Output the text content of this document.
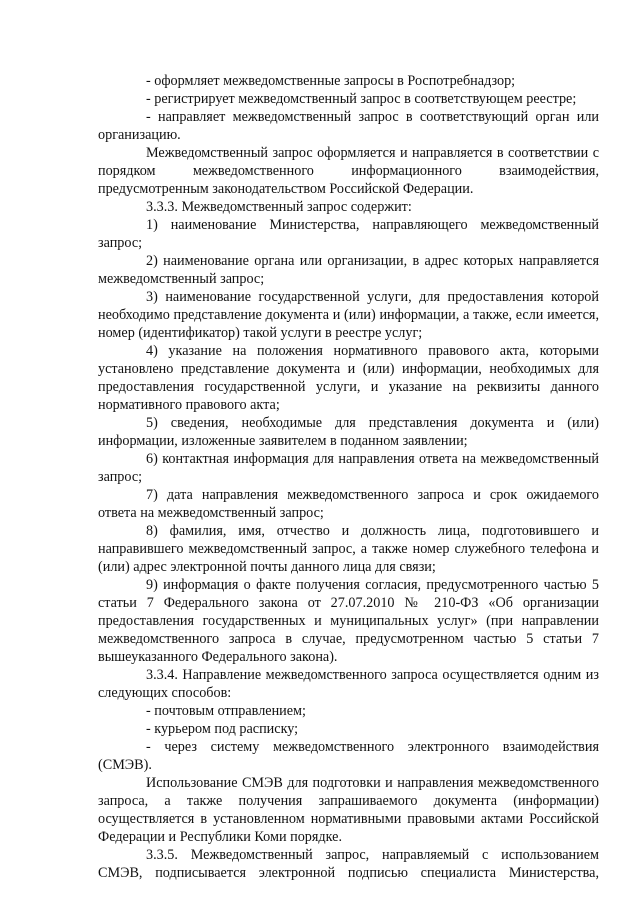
- оформляет межведомственные запросы в Роспотребнадзор;

- регистрирует межведомственный запрос в соответствующем реестре;

- направляет межведомственный запрос в соответствующий орган или организацию.

Межведомственный запрос оформляется и направляется в соответствии с порядком межведомственного информационного взаимодействия, предусмотренным законодательством Российской Федерации.

3.3.3. Межведомственный запрос содержит:

1) наименование Министерства, направляющего межведомственный запрос;

2) наименование органа или организации, в адрес которых направляется межведомственный запрос;

3) наименование государственной услуги, для предоставления которой необходимо представление документа и (или) информации, а также, если имеется, номер (идентификатор) такой услуги в реестре услуг;

4) указание на положения нормативного правового акта, которыми установлено представление документа и (или) информации, необходимых для предоставления государственной услуги, и указание на реквизиты данного нормативного правового акта;

5) сведения, необходимые для представления документа и (или) информации, изложенные заявителем в поданном заявлении;

6) контактная информация для направления ответа на межведомственный запрос;

7) дата направления межведомственного запроса и срок ожидаемого ответа на межведомственный запрос;

8) фамилия, имя, отчество и должность лица, подготовившего и направившего межведомственный запрос, а также номер служебного телефона и (или) адрес электронной почты данного лица для связи;

9) информация о факте получения согласия, предусмотренного частью 5 статьи 7 Федерального закона от 27.07.2010 № 210-ФЗ «Об организации предоставления государственных и муниципальных услуг» (при направлении межведомственного запроса в случае, предусмотренном частью 5 статьи 7 вышеуказанного Федерального закона).

3.3.4. Направление межведомственного запроса осуществляется одним из следующих способов:

- почтовым отправлением;

- курьером под расписку;

- через систему межведомственного электронного взаимодействия (СМЭВ).

Использование СМЭВ для подготовки и направления межведомственного запроса, а также получения запрашиваемого документа (информации) осуществляется в установленном нормативными правовыми актами Российской Федерации и Республики Коми порядке.

3.3.5. Межведомственный запрос, направляемый с использованием СМЭВ, подписывается электронной подписью специалиста Министерства,
